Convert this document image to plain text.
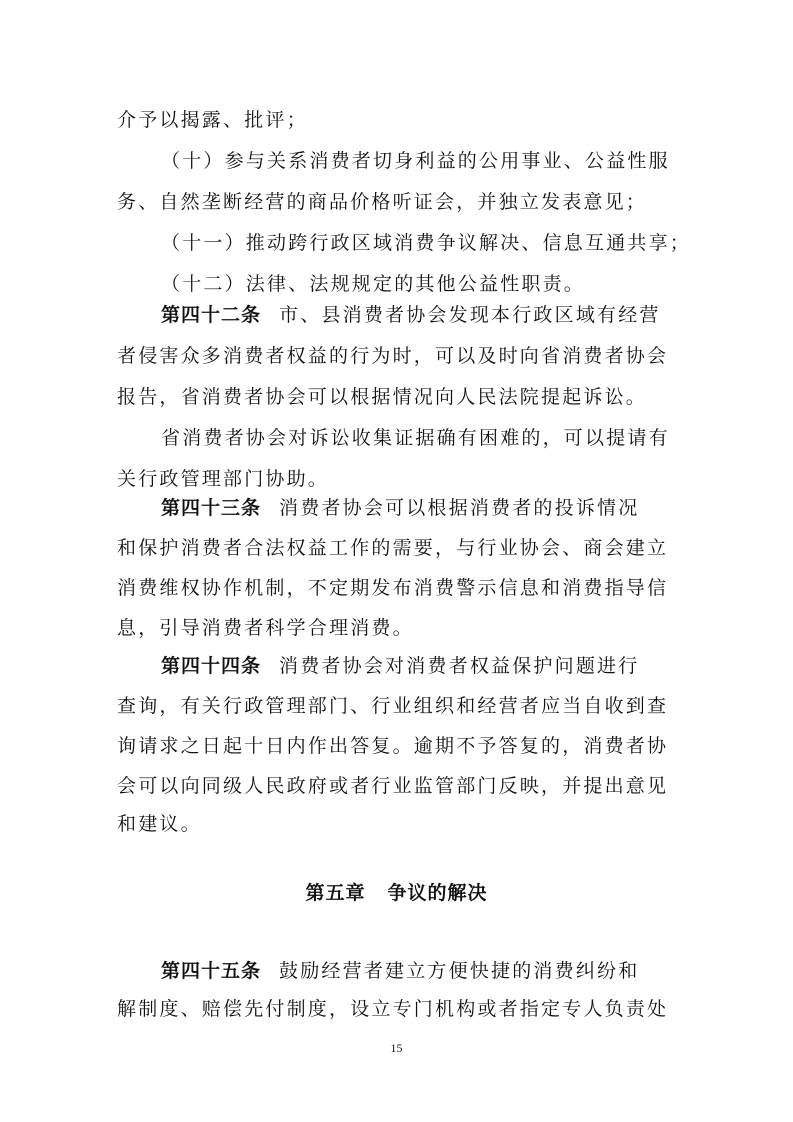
介予以揭露、批评；
（十）参与关系消费者切身利益的公用事业、公益性服
务、自然垄断经营的商品价格听证会，并独立发表意见；
（十一）推动跨行政区域消费争议解决、信息互通共享；
（十二）法律、法规规定的其他公益性职责。
第四十二条 市、县消费者协会发现本行政区域有经营
者侵害众多消费者权益的行为时，可以及时向省消费者协会
报告，省消费者协会可以根据情况向人民法院提起诉讼。
省消费者协会对诉讼收集证据确有困难的，可以提请有
关行政管理部门协助。
第四十三条 消费者协会可以根据消费者的投诉情况
和保护消费者合法权益工作的需要，与行业协会、商会建立
消费维权协作机制，不定期发布消费警示信息和消费指导信
息，引导消费者科学合理消费。
第四十四条 消费者协会对消费者权益保护问题进行
查询，有关行政管理部门、行业组织和经营者应当自收到查
询请求之日起十日内作出答复。逾期不予答复的，消费者协
会可以向同级人民政府或者行业监管部门反映，并提出意见
和建议。
第五章 争议的解决
第四十五条 鼓励经营者建立方便快捷的消费纠纷和
解制度、赔偿先付制度，设立专门机构或者指定专人负责处
15
